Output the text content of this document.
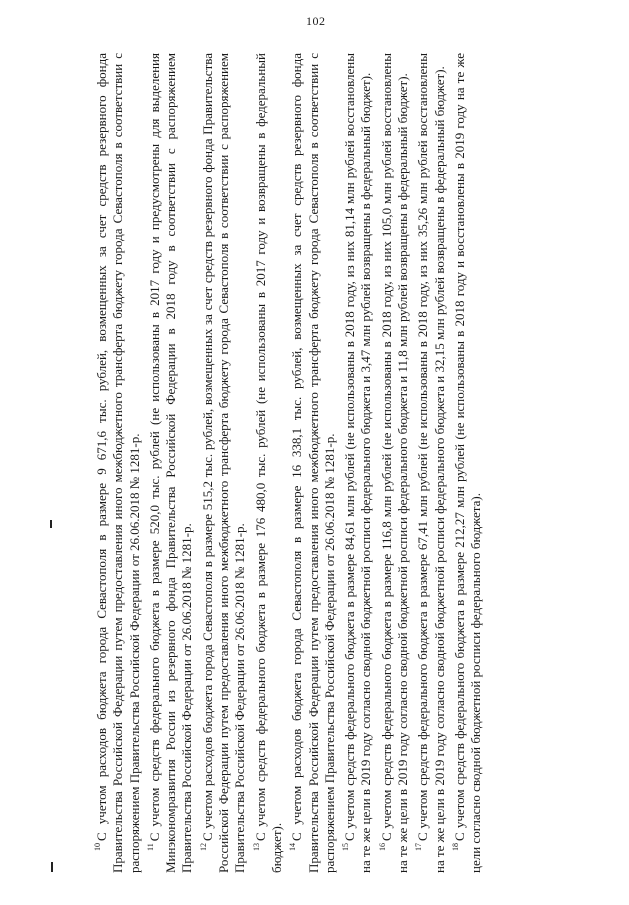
102

$^{10}$С учетом расходов бюджета города Севастополя в размере 9 671,6 тыс. рублей, возмещенных за счет средств резервного фонда Правительства Российской Федерации путем предоставления иного межбюджетного трансферта бюджету города Севастополя в соответствии с распоряжением Правительства Российской Федерации от 26.06.2018 № 1281-р. $^{11}$С учетом средств федерального бюджета в размере 520,0 тыс. рублей (не использованы в 2017 году и предусмотрены для выделения Минэкономразвития России из резервного фонда Правительства Российской Федерации в 2018 году в соответствии с распоряжением Правительства Российской Федерации от 26.06.2018 № 1281-р. $^{12}$С учетом расходов бюджета города Севастополя в размере 515,2 тыс. рублей, возмещенных за счет средств резервного фонда Правительства Российской Федерации путем предоставления иного межбюджетного трансферта бюджету города Севастополя в соответствии с распоряжением Правительства Российской Федерации от 26.06.2018 № 1281-р. $^{13}$С учетом средств федерального бюджета в размере 176 480,0 тыс. рублей (не использованы в 2017 году и возвращены в федеральный бюджет). $^{14}$С учетом расходов бюджета города Севастополя в размере 16 338,1 тыс. рублей, возмещенных за счет средств резервного фонда Правительства Российской Федерации путем предоставления иного межбюджетного трансферта бюджету города Севастополя в соответствии с распоряжением Правительства Российской Федерации от 26.06.2018 № 1281-р. $^{15}$С учетом средств федерального бюджета в размере 84,61 млн рублей (не использованы в 2018 году, из них 81,14 млн рублей восстановлены на те же цели в 2019 году согласно сводной бюджетной росписи федерального бюджета и 3,47 млн рублей возвращены в федеральный бюджет). $^{16}$С учетом средств федерального бюджета в размере 116,8 млн рублей (не использованы в 2018 году, из них 105,0 млн рублей восстановлены на те же цели в 2019 году согласно сводной бюджетной росписи федерального бюджета и 11,8 млн рублей возвращены в федеральный бюджет). $^{17}$С учетом средств федерального бюджета в размере 67,41 млн рублей (не использованы в 2018 году, из них 35,26 млн рублей восстановлены на те же цели в 2019 году согласно сводной бюджетной росписи федерального бюджета и 32,15 млн рублей возвращены в федеральный бюджет). $^{18}$С учетом средств федерального бюджета в размере 212,27 млн рублей (не использованы в 2018 году и восстановлены в 2019 году на те же цели согласно сводной бюджетной росписи федерального бюджета).
